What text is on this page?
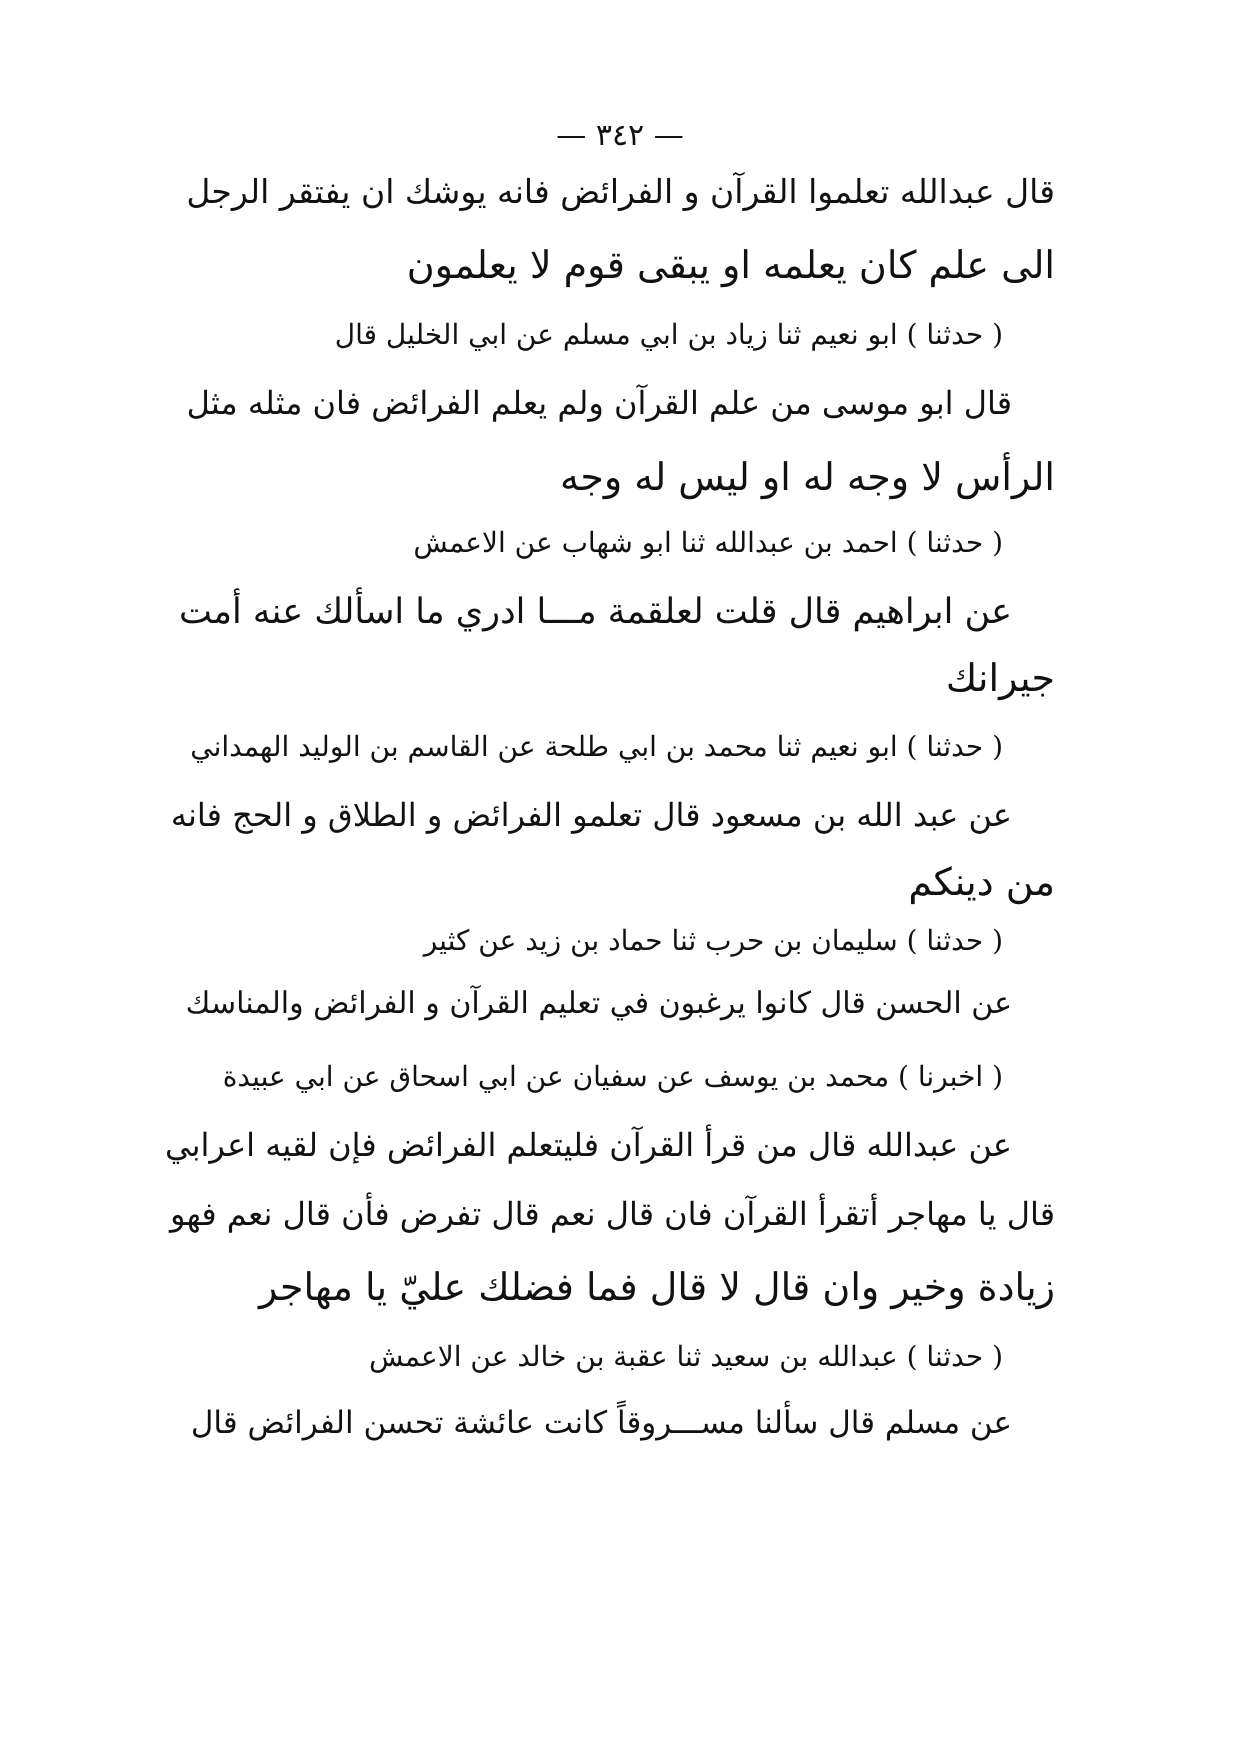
— ٣٤٢ —
قال عبدالله تعلموا القرآن و الفرائض فانه يوشك ان يفتقر الرجل
الى علم كان يعلمه او يبقى قوم لا يعلمون
( حدثنا ) ابو نعيم ثنا زياد بن ابي مسلم عن ابي الخليل قال
قال ابو موسى من علم القرآن ولم يعلم الفرائض فان مثله مثل
الرأس لا وجه له او ليس له وجه
( حدثنا ) احمد بن عبدالله ثنا ابو شهاب عن الاعمش
عن ابراهيم قال قلت لعلقمة مـــا ادري ما اسألك عنه أمت
جيرانك
( حدثنا ) ابو نعيم ثنا محمد بن ابي طلحة عن القاسم بن الوليد الهمداني
عن عبد الله بن مسعود قال تعلمو الفرائض و الطلاق و الحج فانه
من دينكم
( حدثنا ) سليمان بن حرب ثنا حماد بن زيد عن كثير
عن الحسن قال كانوا يرغبون في تعليم القرآن و الفرائض والمناسك
( اخبرنا ) محمد بن يوسف عن سفيان عن ابي اسحاق عن ابي عبيدة
عن عبدالله قال من قرأ القرآن فليتعلم الفرائض فإن لقيه اعرابي
قال يا مهاجر أتقرأ القرآن فان قال نعم قال تفرض فأن قال نعم فهو
زيادة وخير وان قال لا قال فما فضلك عليّ يا مهاجر
( حدثنا ) عبدالله بن سعيد ثنا عقبة بن خالد عن الاعمش
عن مسلم قال سألنا مســـروقاً كانت عائشة تحسن الفرائض قال
